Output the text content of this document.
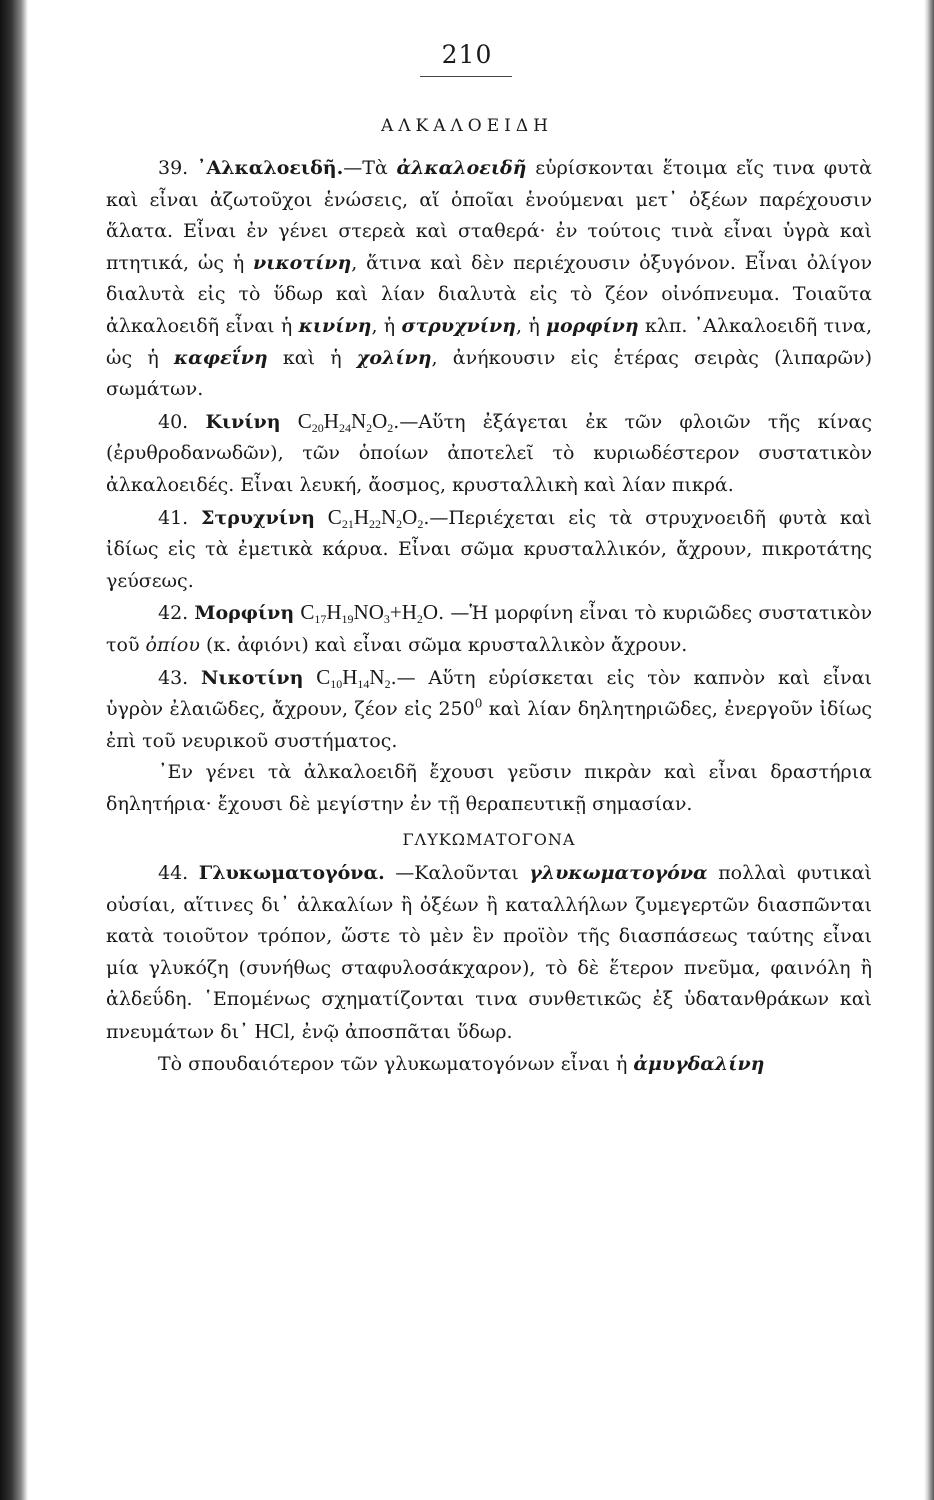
210
ΑΛΚΑΛΟΕΙΔΗ

39. ᾽Αλκαλοειδῆ.—Τὰ ἀλκαλοειδῆ εὑρίσκονται ἕτοιμα εἴς τινα φυτὰ καὶ εἶναι ἀζωτοῦχοι ἑνώσεις, αἵ ὁποῖαι ἑνούμεναι μετ᾽ ὀξέων παρέχουσιν ἅλατα. Εἶναι ἐν γένει στερεὰ καὶ σταθερά· ἐν τούτοις τινὰ εἶναι ὑγρὰ καὶ πτητικά, ὡς ἡ νικοτίνη, ἅτινα καὶ δὲν περιέχουσιν ὀξυγόνον. Εἶναι ὀλίγον διαλυτὰ εἰς τὸ ὕδωρ καὶ λίαν διαλυτὰ εἰς τὸ ζέον οἰνόπνευμα. Τοιαῦτα ἀλκαλοειδῆ εἶναι ἡ κινίνη, ἡ στρυχνίνη, ἡ μορφίνη κλπ. ᾽Αλκαλοειδῆ τινα, ὡς ἡ καφεΐνη καὶ ἡ χολίνη, ἀνήκουσιν εἰς ἑτέρας σειρὰς (λιπαρῶν) σωμάτων.

40. Κινίνη $C_{20}H_{24}N_2O_2.—Aὕ\tau\eta$ ἐξάγεται ἐκ τῶν φλοιῶν τῆς κίνας (ἐρυθροδανωδῶν), τῶν ὁποίων ἀποτελεῖ τὸ κυριωδέστερον συστατικὸν ἀλκαλοειδές. Εἶναι λευκή, ἄοσμος, κρυσταλλικὴ καὶ λίαν πικρά.

41. Στρυχνίνη $C_{21}H_{22}N_2O_2.—\Pi\varepsilon\rho\iota έ\chi\varepsilon\tau\alpha\iota$ εἰς τὰ στρυχνοειδῆ φυτὰ καὶ ἰδίως εἰς τὰ ἐμετικὰ κάρυα. Εἶναι σῶμα κρυσταλλικόν, ἄχρουν, πικροτάτης γεύσεως.

42. Μορφίνη $C_{17}H_{19}NO_3+H_2O$. —Ἡ μορφίνη εἶναι τὸ κυριῶδες συστατικὸν τοῦ ὀπίου (κ. ἀφιόνι) καὶ εἶναι σῶμα κρυσταλλικὸν ἄχρουν.

43. Νικοτίνη $C_{10}H_{14}N_2.—$ Αὕτη εὑρίσκεται εἰς τὸν καπνὸν καὶ εἶναι ὑγρὸν ἐλαιῶδες, ἄχρουν, ζέον εἰς $250^0$ καὶ λίαν δηλητηριῶδες, ἐνεργοῦν ἰδίως ἐπὶ τοῦ νευρικοῦ συστήματος.

᾽Εν γένει τὰ ἀλκαλοειδῆ ἔχουσι γεῦσιν πικρὰν καὶ εἶναι δραστήρια δηλητήρια· ἔχουσι δὲ μεγίστην ἐν τῇ θεραπευτικῇ σημασίαν.

ΓΛΥΚΩΜΑΤΟΓΟΝΑ

44. Γλυκωματογόνα. —Καλοῦνται γλυκωματογόνα πολλαὶ φυτικαὶ οὐσίαι, αἵτινες δι᾽ ἀλκαλίων ἢ ὀξέων ἢ καταλλήλων ζυμεγερτῶν διασπῶνται κατὰ τοιοῦτον τρόπον, ὥστε τὸ μὲν ἓν προϊὸν τῆς διασπάσεως ταύτης εἶναι μία γλυκόζη (συνήθως σταφυλοσάκχαρον), τὸ δὲ ἕτερον πνεῦμα, φαινόλη ἢ ἀλδεΰδη. ῾Επομένως σχηματίζονται τινα συνθετικῶς ἐξ ὑδατανθράκων καὶ πνευμάτων δι᾽ HCl, ἐνῷ ἀποσπᾶται ὕδωρ.

Τὸ σπουδαιότερον τῶν γλυκωματογόνων εἶναι ἡ ἀμυγδαλίνη
